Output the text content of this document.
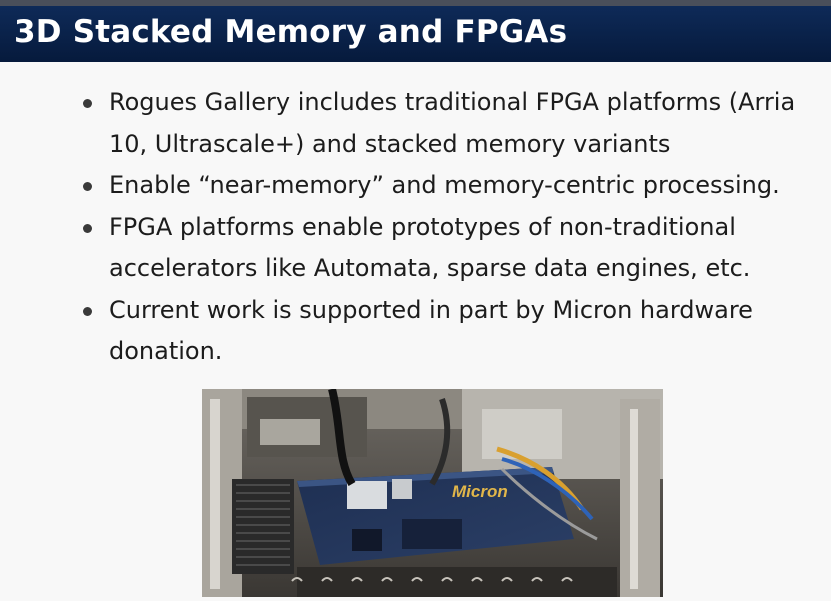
3D Stacked Memory and FPGAs
Rogues Gallery includes traditional FPGA platforms (Arria 10, Ultrascale+) and stacked memory variants
Enable “near-memory” and memory-centric processing.
FPGA platforms enable prototypes of non-traditional accelerators like Automata, sparse data engines, etc.
Current work is supported in part by Micron hardware donation.
Micron
